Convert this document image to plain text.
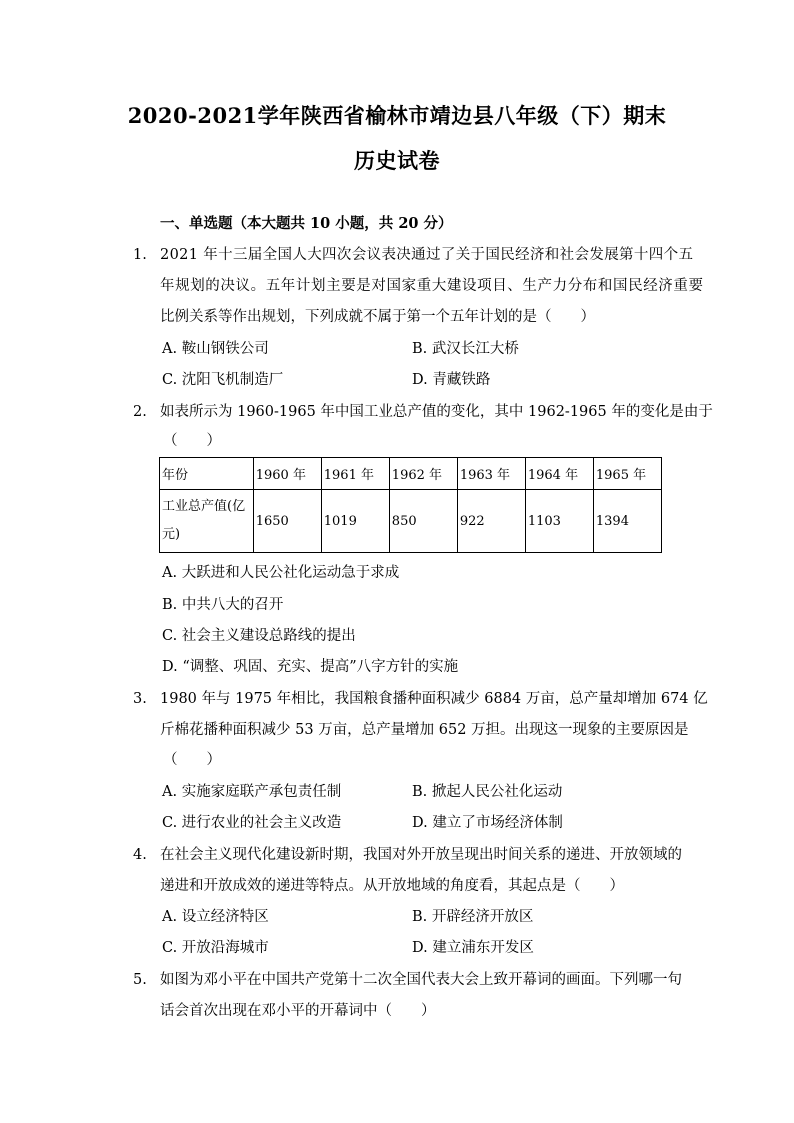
2020-2021学年陕西省榆林市靖边县八年级（下）期末
历史试卷
一、单选题（本大题共 10 小题，共 20 分）
1. 2021 年十三届全国人大四次会议表决通过了关于国民经济和社会发展第十四个五
年规划的决议。五年计划主要是对国家重大建设项目、生产力分布和国民经济重要
比例关系等作出规划，下列成就不属于第一个五年计划的是（　　）
A. 鞍山钢铁公司	B. 武汉长江大桥
C. 沈阳飞机制造厂	D. 青藏铁路
2. 如表所示为 1960-1965 年中国工业总产值的变化，其中 1962-1965 年的变化是由于
（　　）
年份	1960 年	1961 年	1962 年	1963 年	1964 年	1965 年
工业总产值(亿元)	1650	1019	850	922	1103	1394
A. 大跃进和人民公社化运动急于求成
B. 中共八大的召开
C. 社会主义建设总路线的提出
D. “调整、巩固、充实、提高”八字方针的实施
3. 1980 年与 1975 年相比，我国粮食播种面积减少 6884 万亩，总产量却增加 674 亿
斤棉花播种面积减少 53 万亩，总产量增加 652 万担。出现这一现象的主要原因是
（　　）
A. 实施家庭联产承包责任制	B. 掀起人民公社化运动
C. 进行农业的社会主义改造	D. 建立了市场经济体制
4. 在社会主义现代化建设新时期，我国对外开放呈现出时间关系的递进、开放领域的
递进和开放成效的递进等特点。从开放地域的角度看，其起点是（　　）
A. 设立经济特区	B. 开辟经济开放区
C. 开放沿海城市	D. 建立浦东开发区
5. 如图为邓小平在中国共产党第十二次全国代表大会上致开幕词的画面。下列哪一句
话会首次出现在邓小平的开幕词中（　　）
